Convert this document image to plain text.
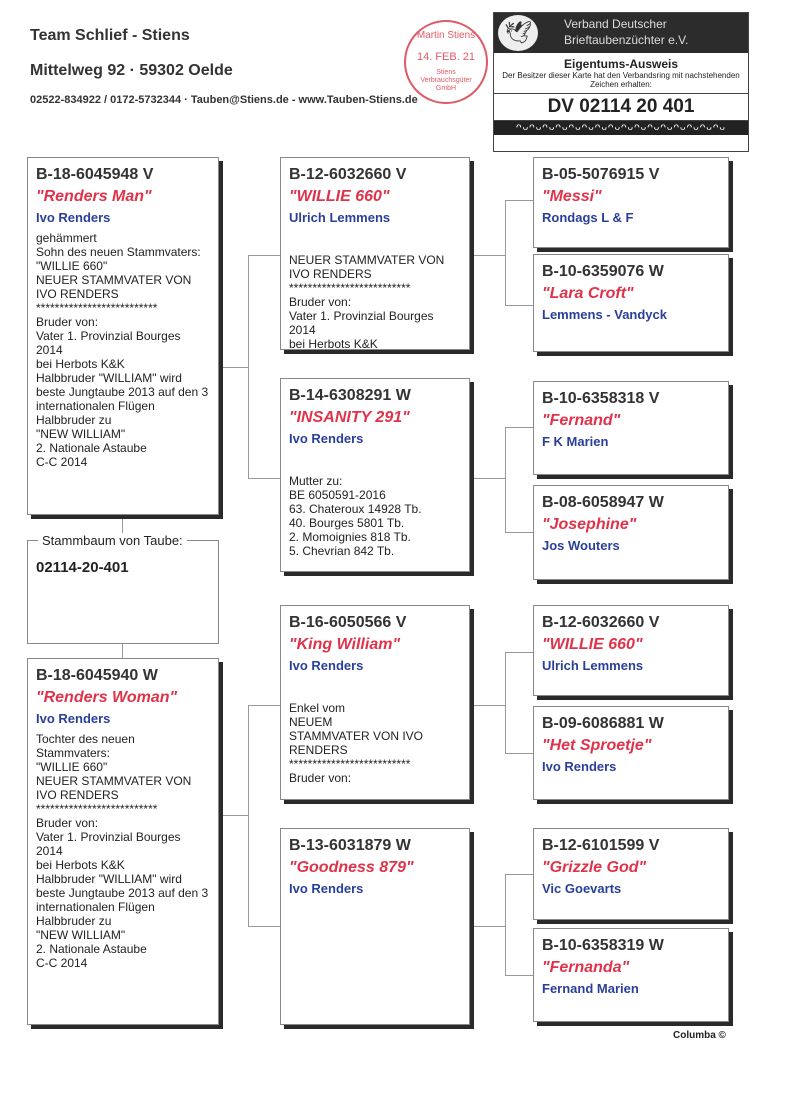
Team Schlief - Stiens
Mittelweg 92 · 59302 Oelde
02522-834922 / 0172-5732344 · Tauben@Stiens.de - www.Tauben-Stiens.de
Martin Stiens
14. FEB. 21
Stiens Verbrauchsgüter GmbH
🕊	Verband Deutscher
Brieftaubenzüchter e.V.
Eigentums-Ausweis
Der Besitzer dieser Karte hat den Verbandsring mit nachstehenden Zeichen erhalten:
DV 02114 20 401
ᴖᴗᴖᴗᴖᴗᴖᴗᴖᴗᴖᴗᴖᴗᴖᴗᴖᴗᴖᴗᴖᴗᴖᴗᴖᴗᴖᴗᴖᴗᴖᴗ
B-18-6045948 V
"Renders Man"
Ivo Renders
gehämmert
Sohn des neuen Stammvaters:
"WILLIE 660"
NEUER STAMMVATER VON IVO RENDERS
**************************
Bruder von:
Vater 1. Provinzial Bourges 2014
bei Herbots K&K
Halbbruder "WILLIAM" wird beste Jungtaube 2013 auf den 3 internationalen Flügen
Halbbruder zu
"NEW WILLIAM"
2. Nationale Astaube
C-C 2014
B-18-6045940 W
"Renders Woman"
Ivo Renders
Tochter des neuen Stammvaters:
"WILLIE 660"
NEUER STAMMVATER VON IVO RENDERS
**************************
Bruder von:
Vater 1. Provinzial Bourges 2014
bei Herbots K&K
Halbbruder "WILLIAM" wird beste Jungtaube 2013 auf den 3 internationalen Flügen
Halbbruder zu
"NEW WILLIAM"
2. Nationale Astaube
C-C 2014
B-12-6032660 V
"WILLIE 660"
Ulrich Lemmens
NEUER STAMMVATER VON IVO RENDERS
**************************
Bruder von:
Vater 1. Provinzial Bourges 2014
bei Herbots K&K
B-14-6308291 W
"INSANITY 291"
Ivo Renders
Mutter zu:
BE 6050591-2016
63. Chateroux 14928 Tb.
40. Bourges 5801 Tb.
2. Momoignies 818 Tb.
5. Chevrian 842 Tb.
B-16-6050566 V
"King William"
Ivo Renders
Enkel vom
NEUEM
STAMMVATER VON IVO RENDERS
**************************
Bruder von:
B-13-6031879 W
"Goodness 879"
Ivo Renders
B-05-5076915 V
"Messi"
Rondags L & F
B-10-6359076 W
"Lara Croft"
Lemmens - Vandyck
B-10-6358318 V
"Fernand"
F K Marien
B-08-6058947 W
"Josephine"
Jos Wouters
B-12-6032660 V
"WILLIE 660"
Ulrich Lemmens
B-09-6086881 W
"Het Sproetje"
Ivo Renders
B-12-6101599 V
"Grizzle God"
Vic Goevarts
B-10-6358319 W
"Fernanda"
Fernand Marien
Stammbaum von Taube:
02114-20-401
Columba ©
